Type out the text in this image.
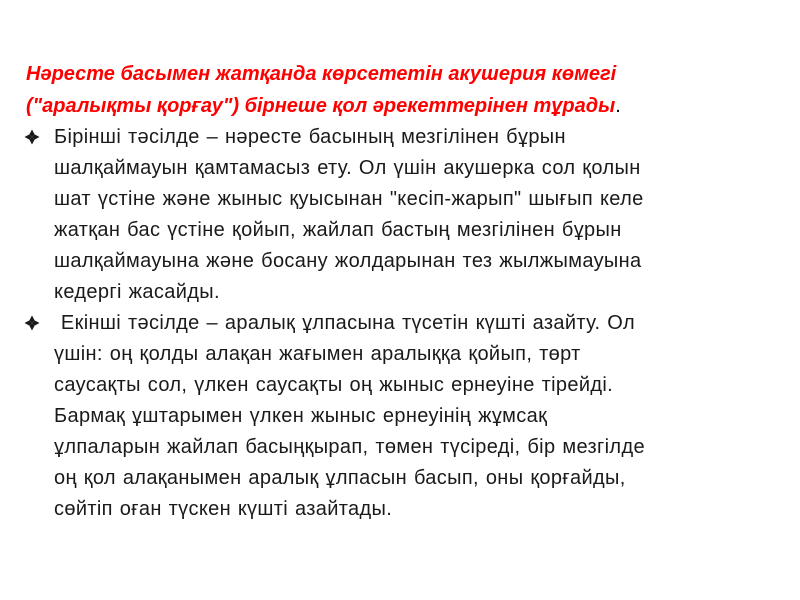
Нәресте басымен жатқанда көрсететін акушерия көмегі
("аралықты қорғау") бірнеше қол әрекеттерінен тұрады.
Бірінші тәсілде – нәресте басының мезгілінен бұрын
шалқаймауын қамтамасыз ету. Ол үшін акушерка сол қолын
шат үстіне және жыныс қуысынан "кесіп-жарып" шығып келе
жатқан бас үстіне қойып, жайлап бастың мезгілінен бұрын
шалқаймауына және босану жолдарынан тез жылжымауына
кедергі жасайды.
Екінші тәсілде – аралық ұлпасына түсетін күшті азайту. Ол
үшін: оң қолды алақан жағымен аралыққа қойып, төрт
саусақты сол, үлкен саусақты оң жыныс ернеуіне тірейді.
Бармақ ұштарымен үлкен жыныс ернеуінің жұмсақ
ұлпаларын жайлап басыңқырап, төмен түсіреді, бір мезгілде
оң қол алақанымен аралық ұлпасын басып, оны қорғайды,
сөйтіп оған түскен күшті азайтады.
